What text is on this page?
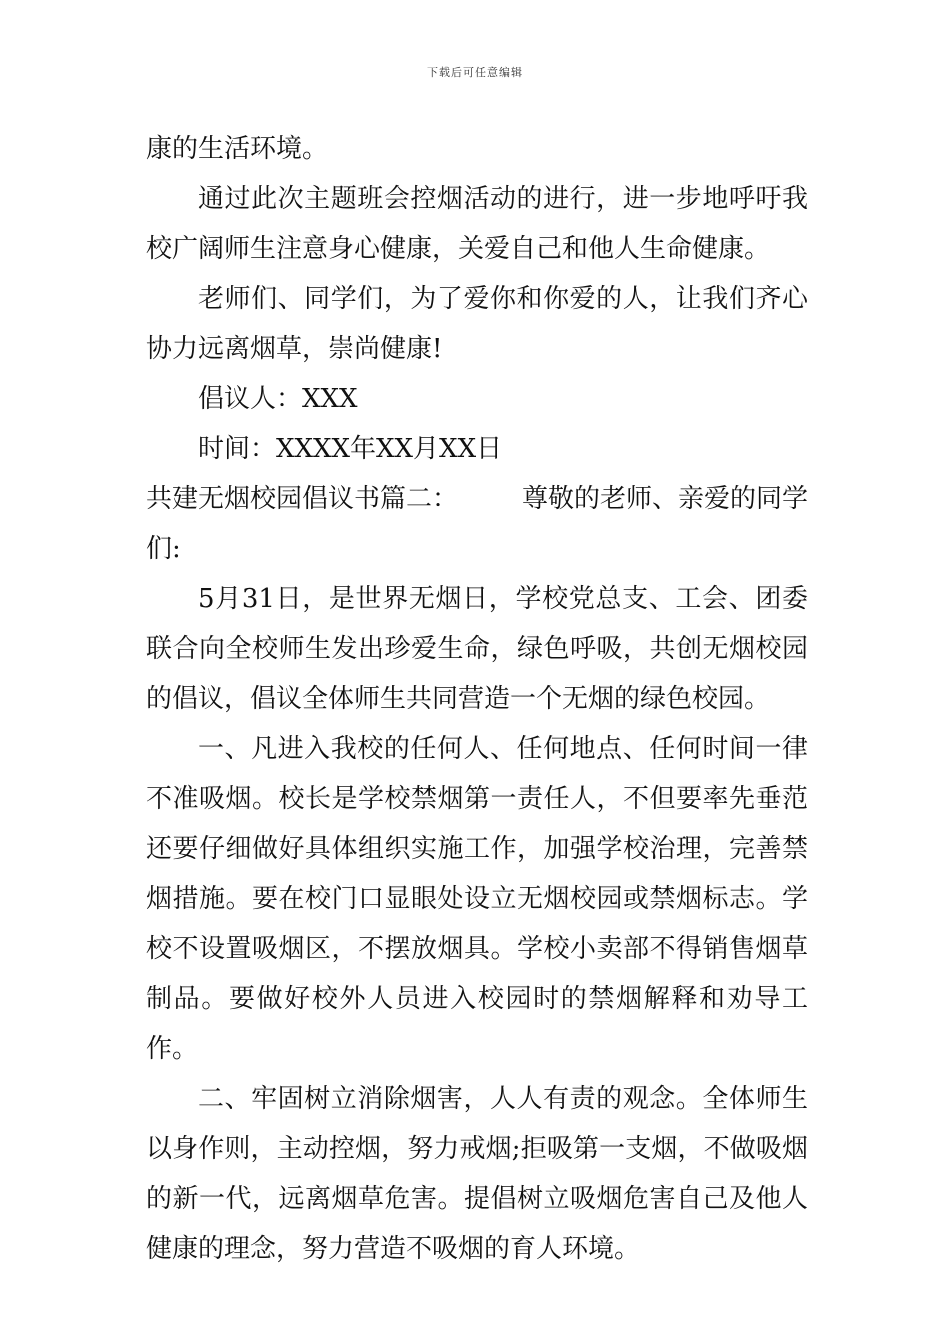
下载后可任意编辑

康的生活环境。

通过此次主题班会控烟活动的进行，进一步地呼吁我校广阔师生注意身心健康，关爱自己和他人生命健康。

老师们、同学们，为了爱你和你爱的人，让我们齐心协力远离烟草，崇尚健康!

倡议人：XXX

时间：XXXX年XX月XX日

共建无烟校园倡议书篇二： 尊敬的老师、亲爱的同学

们:

5月31日，是世界无烟日，学校党总支、工会、团委联合向全校师生发出珍爱生命，绿色呼吸，共创无烟校园的倡议，倡议全体师生共同营造一个无烟的绿色校园。

一、凡进入我校的任何人、任何地点、任何时间一律不准吸烟。校长是学校禁烟第一责任人，不但要率先垂范还要仔细做好具体组织实施工作，加强学校治理，完善禁烟措施。要在校门口显眼处设立无烟校园或禁烟标志。学校不设置吸烟区，不摆放烟具。学校小卖部不得销售烟草制品。要做好校外人员进入校园时的禁烟解释和劝导工作。

二、牢固树立消除烟害，人人有责的观念。全体师生以身作则，主动控烟，努力戒烟;拒吸第一支烟，不做吸烟的新一代，远离烟草危害。提倡树立吸烟危害自己及他人健康的理念，努力营造不吸烟的育人环境。
